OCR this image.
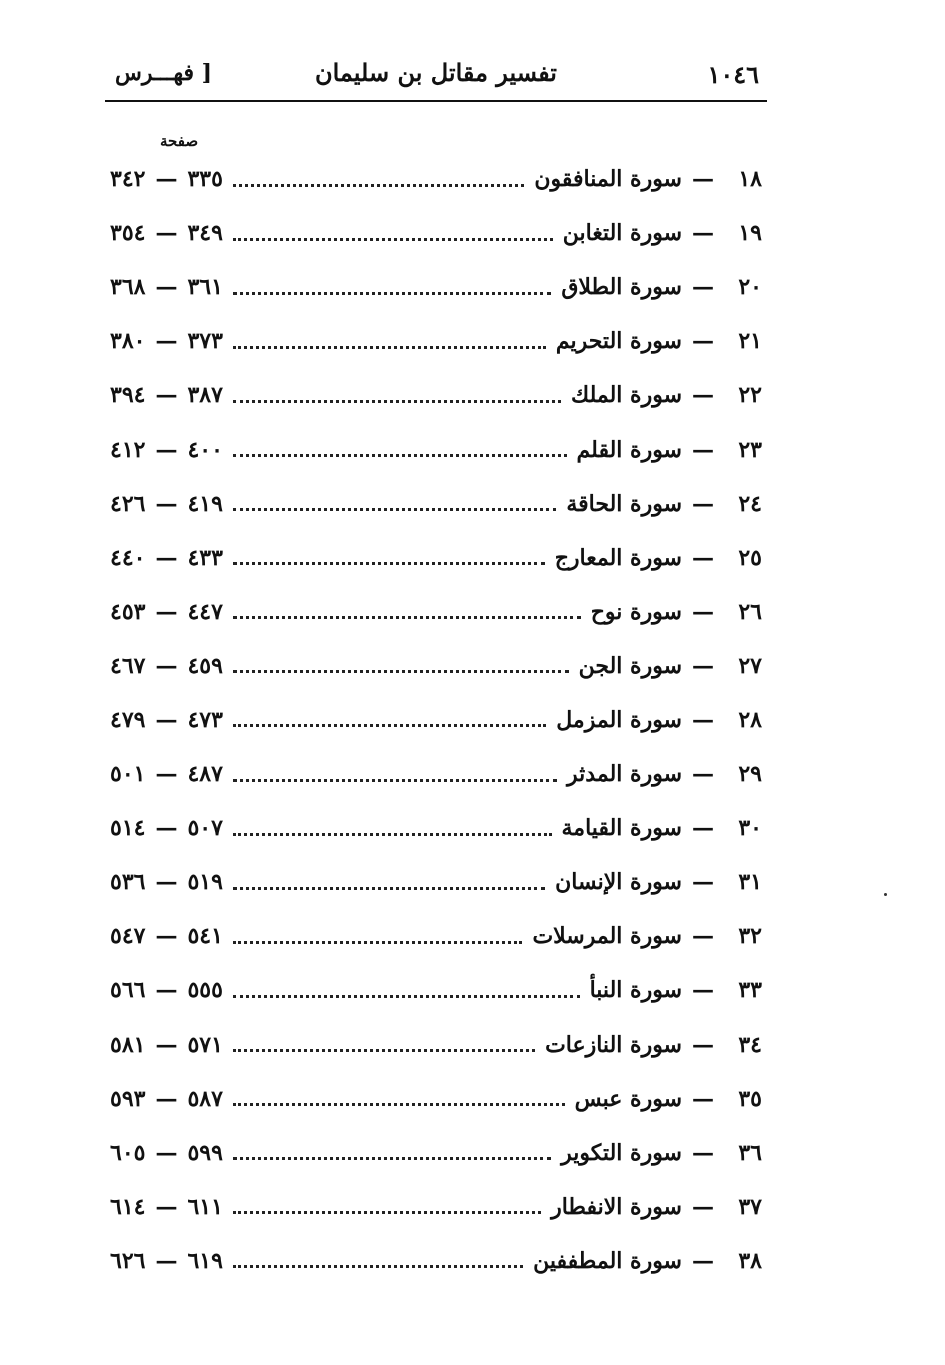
١٠٤٦
تفسير مقاتل بن سليمان
[ فهـــرس
صفحة
١٨
—
سورة المنافقون
٣٣٥—٣٤٢
١٩
—
سورة التغابن
٣٤٩—٣٥٤
٢٠
—
سورة الطلاق
٣٦١—٣٦٨
٢١
—
سورة التحريم
٣٧٣—٣٨٠
٢٢
—
سورة الملك
٣٨٧—٣٩٤
٢٣
—
سورة القلم
٤٠٠—٤١٢
٢٤
—
سورة الحاقة
٤١٩—٤٢٦
٢٥
—
سورة المعارج
٤٣٣—٤٤٠
٢٦
—
سورة نوح
٤٤٧—٤٥٣
٢٧
—
سورة الجن
٤٥٩—٤٦٧
٢٨
—
سورة المزمل
٤٧٣—٤٧٩
٢٩
—
سورة المدثر
٤٨٧—٥٠١
٣٠
—
سورة القيامة
٥٠٧—٥١٤
٣١
—
سورة الإنسان
٥١٩—٥٣٦
٣٢
—
سورة المرسلات
٥٤١—٥٤٧
٣٣
—
سورة النبأ
٥٥٥—٥٦٦
٣٤
—
سورة النازعات
٥٧١—٥٨١
٣٥
—
سورة عبس
٥٨٧—٥٩٣
٣٦
—
سورة التكوير
٥٩٩—٦٠٥
٣٧
—
سورة الانفطار
٦١١—٦١٤
٣٨
—
سورة المطففين
٦١٩—٦٢٦
